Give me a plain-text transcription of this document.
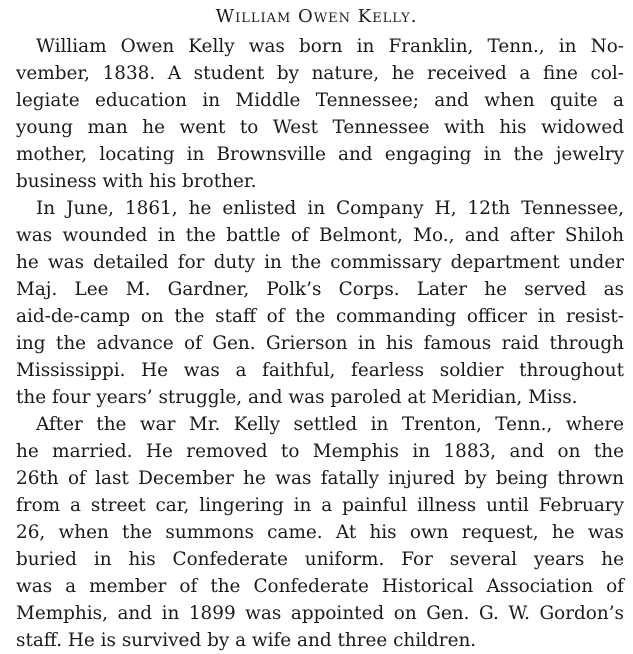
William Owen Kelly.
William Owen Kelly was born in Franklin, Tenn., in No-
vember, 1838. A student by nature, he received a fine col-
legiate education in Middle Tennessee; and when quite a
young man he went to West Tennessee with his widowed
mother, locating in Brownsville and engaging in the jewelry
business with his brother.
In June, 1861, he enlisted in Company H, 12th Tennessee,
was wounded in the battle of Belmont, Mo., and after Shiloh
he was detailed for duty in the commissary department under
Maj. Lee M. Gardner, Polk’s Corps. Later he served as
aid-de-camp on the staff of the commanding officer in resist-
ing the advance of Gen. Grierson in his famous raid through
Mississippi. He was a faithful, fearless soldier throughout
the four years’ struggle, and was paroled at Meridian, Miss.
After the war Mr. Kelly settled in Trenton, Tenn., where
he married. He removed to Memphis in 1883, and on the
26th of last December he was fatally injured by being thrown
from a street car, lingering in a painful illness until February
26, when the summons came. At his own request, he was
buried in his Confederate uniform. For several years he
was a member of the Confederate Historical Association of
Memphis, and in 1899 was appointed on Gen. G. W. Gordon’s
staff. He is survived by a wife and three children.
